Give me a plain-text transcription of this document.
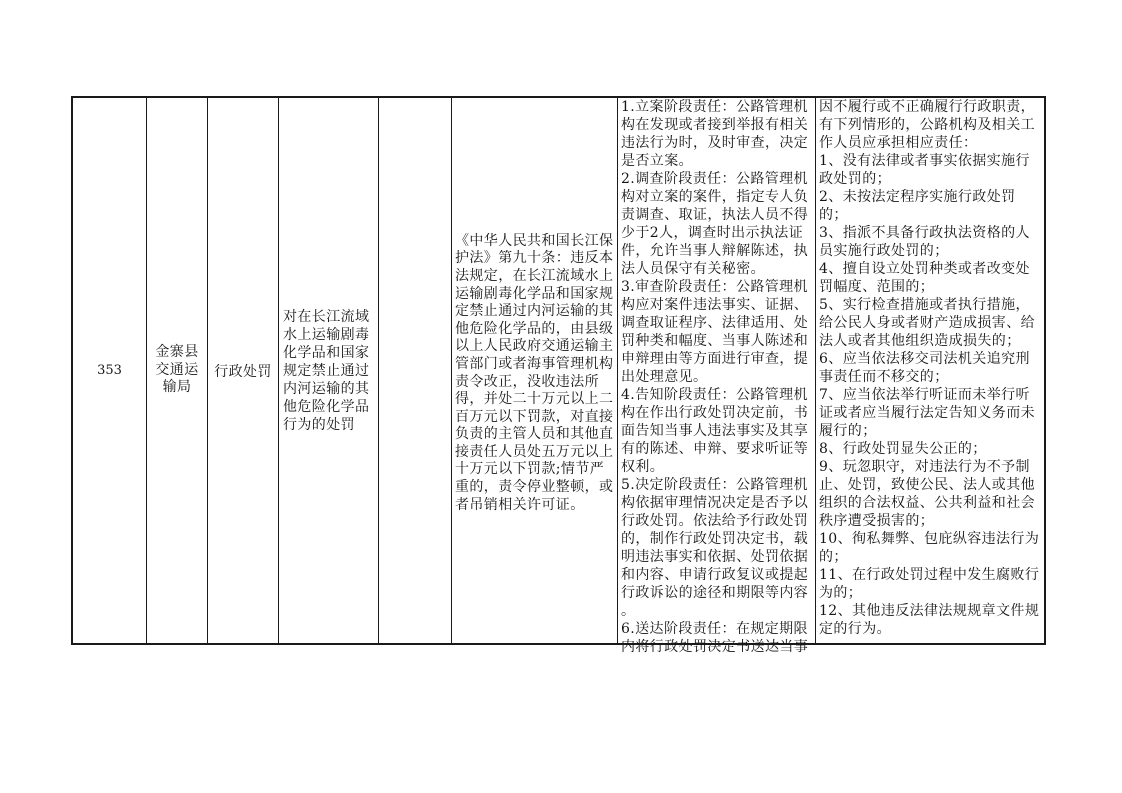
353
金寨县
交通运
输局
行政处罚
对在长江流域
水上运输剧毒
化学品和国家
规定禁止通过
内河运输的其
他危险化学品
行为的处罚
《中华人民共和国长江保
护法》第九十条：违反本
法规定，在长江流域水上
运输剧毒化学品和国家规
定禁止通过内河运输的其
他危险化学品的，由县级
以上人民政府交通运输主
管部门或者海事管理机构
责令改正，没收违法所
得，并处二十万元以上二
百万元以下罚款，对直接
负责的主管人员和其他直
接责任人员处五万元以上
十万元以下罚款;情节严
重的，责令停业整顿，或
者吊销相关许可证。
1.立案阶段责任：公路管理机
构在发现或者接到举报有相关
违法行为时，及时审查，决定
是否立案。
2.调查阶段责任：公路管理机
构对立案的案件，指定专人负
责调查、取证，执法人员不得
少于2人，调查时出示执法证
件，允许当事人辩解陈述，执
法人员保守有关秘密。
3.审查阶段责任：公路管理机
构应对案件违法事实、证据、
调查取证程序、法律适用、处
罚种类和幅度、当事人陈述和
申辩理由等方面进行审查，提
出处理意见。
4.告知阶段责任：公路管理机
构在作出行政处罚决定前，书
面告知当事人违法事实及其享
有的陈述、申辩、要求听证等
权利。
5.决定阶段责任：公路管理机
构依据审理情况决定是否予以
行政处罚。依法给予行政处罚
的，制作行政处罚决定书，载
明违法事实和依据、处罚依据
和内容、申请行政复议或提起
行政诉讼的途径和期限等内容
。
6.送达阶段责任：在规定期限
内将行政处罚决定书送达当事
因不履行或不正确履行行政职责，
有下列情形的，公路机构及相关工
作人员应承担相应责任：
1、没有法律或者事实依据实施行
政处罚的；
2、未按法定程序实施行政处罚
的；
3、指派不具备行政执法资格的人
员实施行政处罚的；
4、擅自设立处罚种类或者改变处
罚幅度、范围的；
5、实行检查措施或者执行措施，
给公民人身或者财产造成损害、给
法人或者其他组织造成损失的；
6、应当依法移交司法机关追究刑
事责任而不移交的；
7、应当依法举行听证而未举行听
证或者应当履行法定告知义务而未
履行的；
8、行政处罚显失公正的；
9、玩忽职守，对违法行为不予制
止、处罚，致使公民、法人或其他
组织的合法权益、公共利益和社会
秩序遭受损害的；
10、徇私舞弊、包庇纵容违法行为
的；
11、在行政处罚过程中发生腐败行
为的；
12、其他违反法律法规规章文件规
定的行为。
